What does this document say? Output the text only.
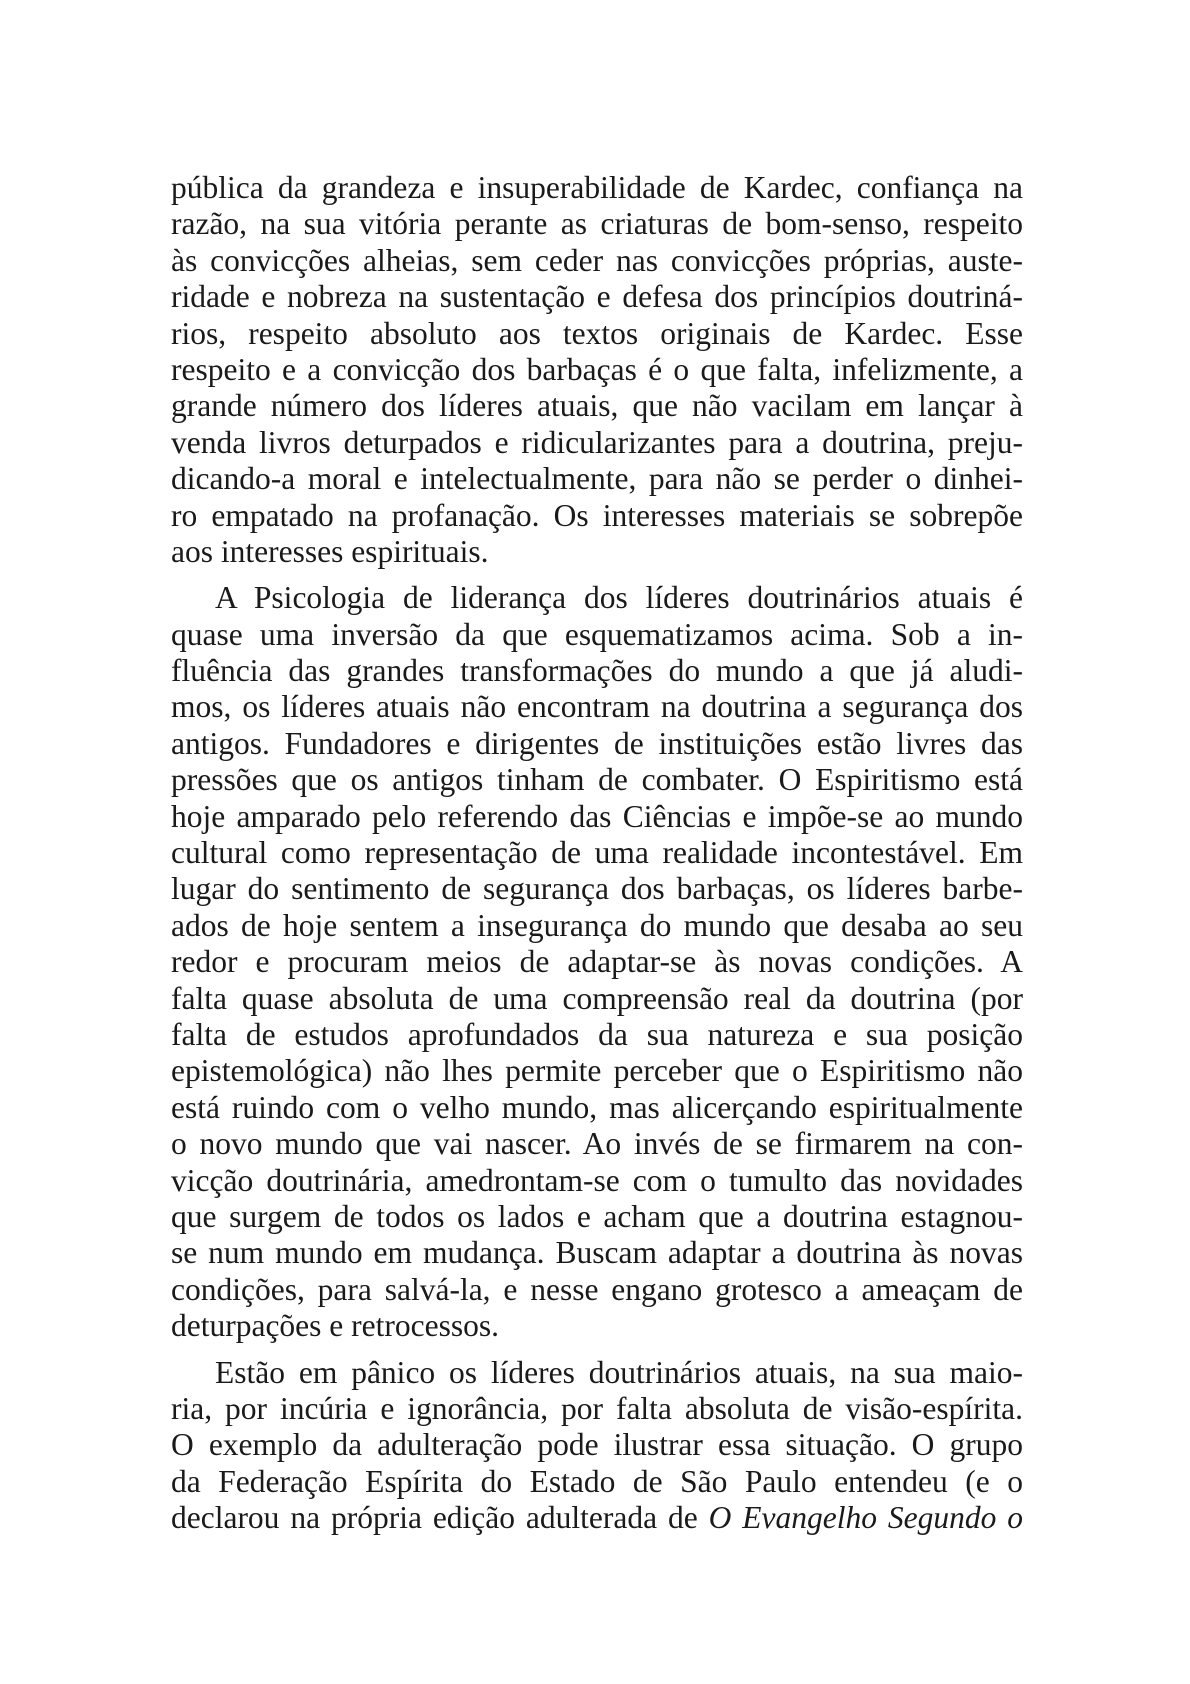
pública da grandeza e insuperabilidade de Kardec, confiança na
razão, na sua vitória perante as criaturas de bom-senso, respeito
às convicções alheias, sem ceder nas convicções próprias, auste-
ridade e nobreza na sustentação e defesa dos princípios doutriná-
rios, respeito absoluto aos textos originais de Kardec. Esse
respeito e a convicção dos barbaças é o que falta, infelizmente, a
grande número dos líderes atuais, que não vacilam em lançar à
venda livros deturpados e ridicularizantes para a doutrina, preju-
dicando-a moral e intelectualmente, para não se perder o dinhei-
ro empatado na profanação. Os interesses materiais se sobrepõe
aos interesses espirituais.
A Psicologia de liderança dos líderes doutrinários atuais é
quase uma inversão da que esquematizamos acima. Sob a in-
fluência das grandes transformações do mundo a que já aludi-
mos, os líderes atuais não encontram na doutrina a segurança dos
antigos. Fundadores e dirigentes de instituições estão livres das
pressões que os antigos tinham de combater. O Espiritismo está
hoje amparado pelo referendo das Ciências e impõe-se ao mundo
cultural como representação de uma realidade incontestável. Em
lugar do sentimento de segurança dos barbaças, os líderes barbe-
ados de hoje sentem a insegurança do mundo que desaba ao seu
redor e procuram meios de adaptar-se às novas condições. A
falta quase absoluta de uma compreensão real da doutrina (por
falta de estudos aprofundados da sua natureza e sua posição
epistemológica) não lhes permite perceber que o Espiritismo não
está ruindo com o velho mundo, mas alicerçando espiritualmente
o novo mundo que vai nascer. Ao invés de se firmarem na con-
vicção doutrinária, amedrontam-se com o tumulto das novidades
que surgem de todos os lados e acham que a doutrina estagnou-
se num mundo em mudança. Buscam adaptar a doutrina às novas
condições, para salvá-la, e nesse engano grotesco a ameaçam de
deturpações e retrocessos.
Estão em pânico os líderes doutrinários atuais, na sua maio-
ria, por incúria e ignorância, por falta absoluta de visão-espírita.
O exemplo da adulteração pode ilustrar essa situação. O grupo
da Federação Espírita do Estado de São Paulo entendeu (e o
declarou na própria edição adulterada de O Evangelho Segundo o
